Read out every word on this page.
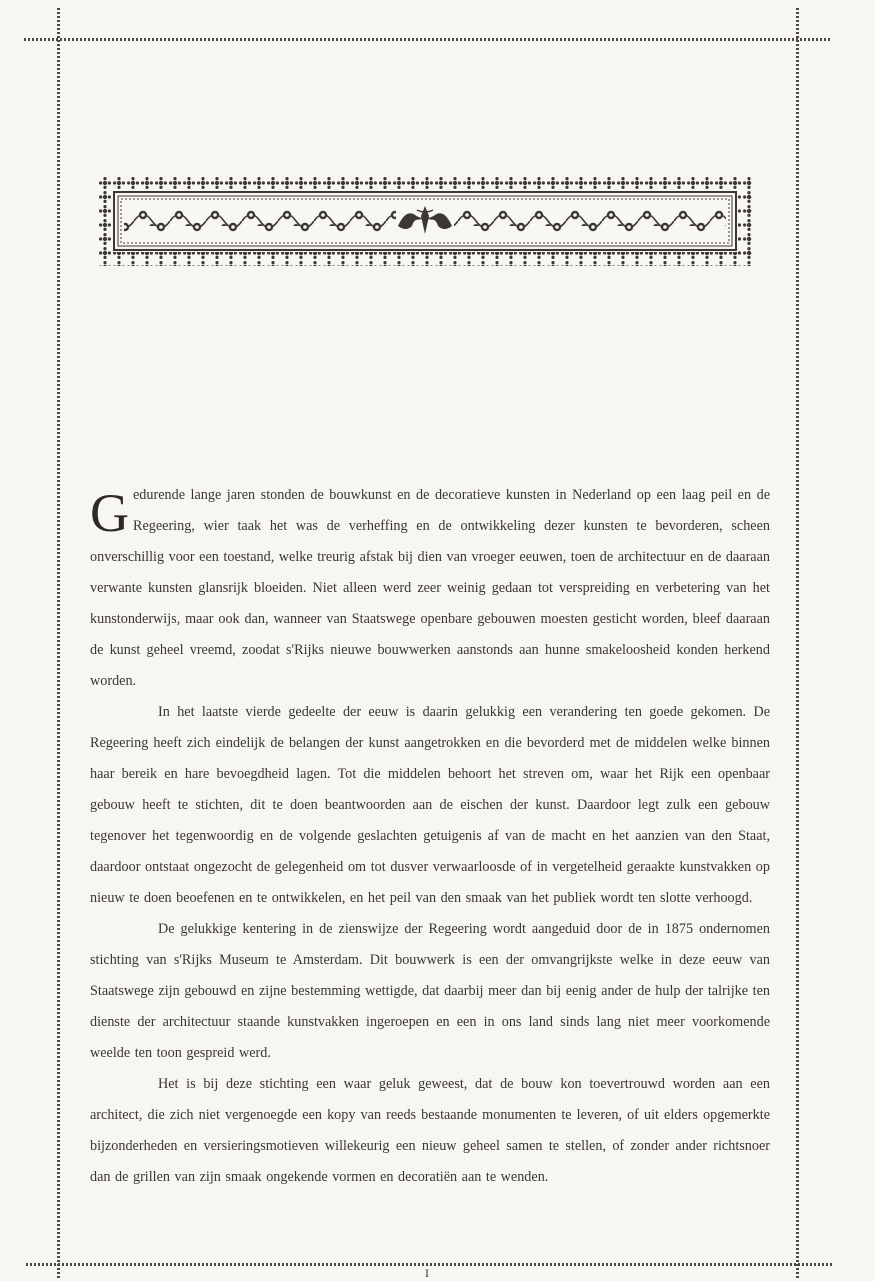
Gedurende lange jaren stonden de bouwkunst en de decoratieve kunsten in Nederland op een laag peil en de Regeering, wier taak het was de verheffing en de ontwikkeling dezer kunsten te bevorderen, scheen onverschillig voor een toestand, welke treurig afstak bij dien van vroeger eeuwen, toen de architectuur en de daaraan verwante kunsten glansrijk bloeiden. Niet alleen werd zeer weinig gedaan tot verspreiding en verbetering van het kunstonderwijs, maar ook dan, wanneer van Staatswege openbare gebouwen moesten gesticht worden, bleef daaraan de kunst geheel vreemd, zoodat s'Rijks nieuwe bouwwerken aanstonds aan hunne smakeloosheid konden herkend worden.

In het laatste vierde gedeelte der eeuw is daarin gelukkig een verandering ten goede gekomen. De Regeering heeft zich eindelijk de belangen der kunst aangetrokken en die bevorderd met de middelen welke binnen haar bereik en hare bevoegdheid lagen. Tot die middelen behoort het streven om, waar het Rijk een openbaar gebouw heeft te stichten, dit te doen beantwoorden aan de eischen der kunst. Daardoor legt zulk een gebouw tegenover het tegenwoordig en de volgende geslachten getuigenis af van de macht en het aanzien van den Staat, daardoor ontstaat ongezocht de gelegenheid om tot dusver verwaarloosde of in vergetelheid geraakte kunstvakken op nieuw te doen beoefenen en te ontwikkelen, en het peil van den smaak van het publiek wordt ten slotte verhoogd.

De gelukkige kentering in de zienswijze der Regeering wordt aangeduid door de in 1875 ondernomen stichting van s'Rijks Museum te Amsterdam. Dit bouwwerk is een der omvangrijkste welke in deze eeuw van Staatswege zijn gebouwd en zijne bestemming wettigde, dat daarbij meer dan bij eenig ander de hulp der talrijke ten dienste der architectuur staande kunstvakken ingeroepen en een in ons land sinds lang niet meer voorkomende weelde ten toon gespreid werd.

Het is bij deze stichting een waar geluk geweest, dat de bouw kon toevertrouwd worden aan een architect, die zich niet vergenoegde een kopy van reeds bestaande monumenten te leveren, of uit elders opgemerkte bijzonderheden en versieringsmotieven willekeurig een nieuw geheel samen te stellen, of zonder ander richtsnoer dan de grillen van zijn smaak ongekende vormen en decoratiën aan te wenden.

I
